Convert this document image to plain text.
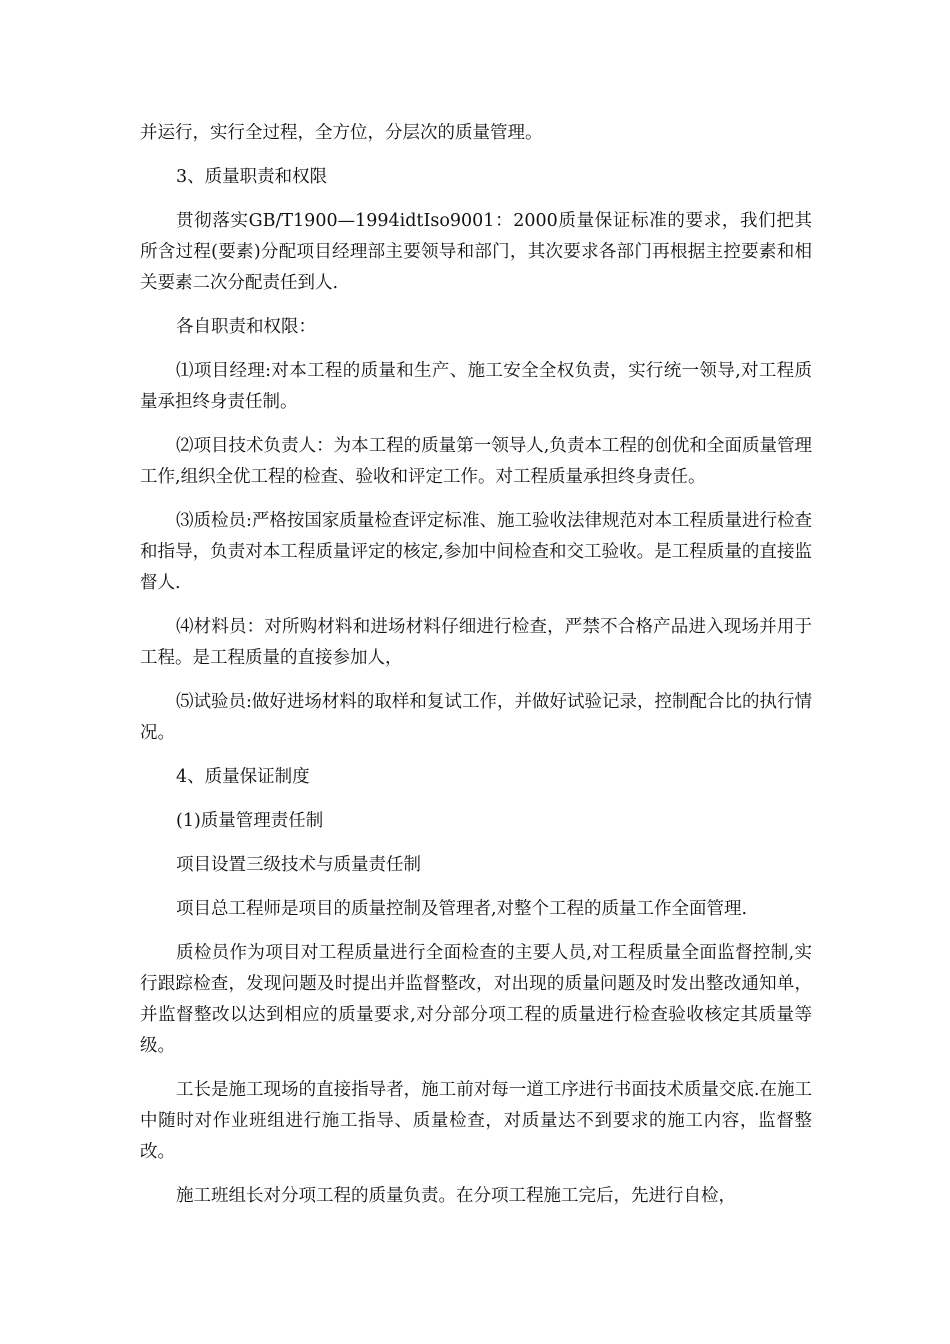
并运行，实行全过程，全方位，分层次的质量管理。

3、质量职责和权限

贯彻落实GB/T1900—1994idtIso9001：2000质量保证标准的要求，我们把其所含过程(要素)分配项目经理部主要领导和部门，其次要求各部门再根据主控要素和相关要素二次分配责任到人.

各自职责和权限：

⑴项目经理:对本工程的质量和生产、施工安全全权负责，实行统一领导,对工程质量承担终身责任制。

⑵项目技术负责人：为本工程的质量第一领导人,负责本工程的创优和全面质量管理工作,组织全优工程的检查、验收和评定工作。对工程质量承担终身责任。

⑶质检员:严格按国家质量检查评定标准、施工验收法律规范对本工程质量进行检查和指导，负责对本工程质量评定的核定,参加中间检查和交工验收。是工程质量的直接监督人.

⑷材料员：对所购材料和进场材料仔细进行检查，严禁不合格产品进入现场并用于工程。是工程质量的直接参加人，

⑸试验员:做好进场材料的取样和复试工作，并做好试验记录，控制配合比的执行情况。

4、质量保证制度

(1)质量管理责任制

项目设置三级技术与质量责任制

项目总工程师是项目的质量控制及管理者,对整个工程的质量工作全面管理.

质检员作为项目对工程质量进行全面检查的主要人员,对工程质量全面监督控制,实行跟踪检查，发现问题及时提出并监督整改，对出现的质量问题及时发出整改通知单，并监督整改以达到相应的质量要求,对分部分项工程的质量进行检查验收核定其质量等级。

工长是施工现场的直接指导者，施工前对每一道工序进行书面技术质量交底.在施工中随时对作业班组进行施工指导、质量检查，对质量达不到要求的施工内容，监督整改。

施工班组长对分项工程的质量负责。在分项工程施工完后，先进行自检，
